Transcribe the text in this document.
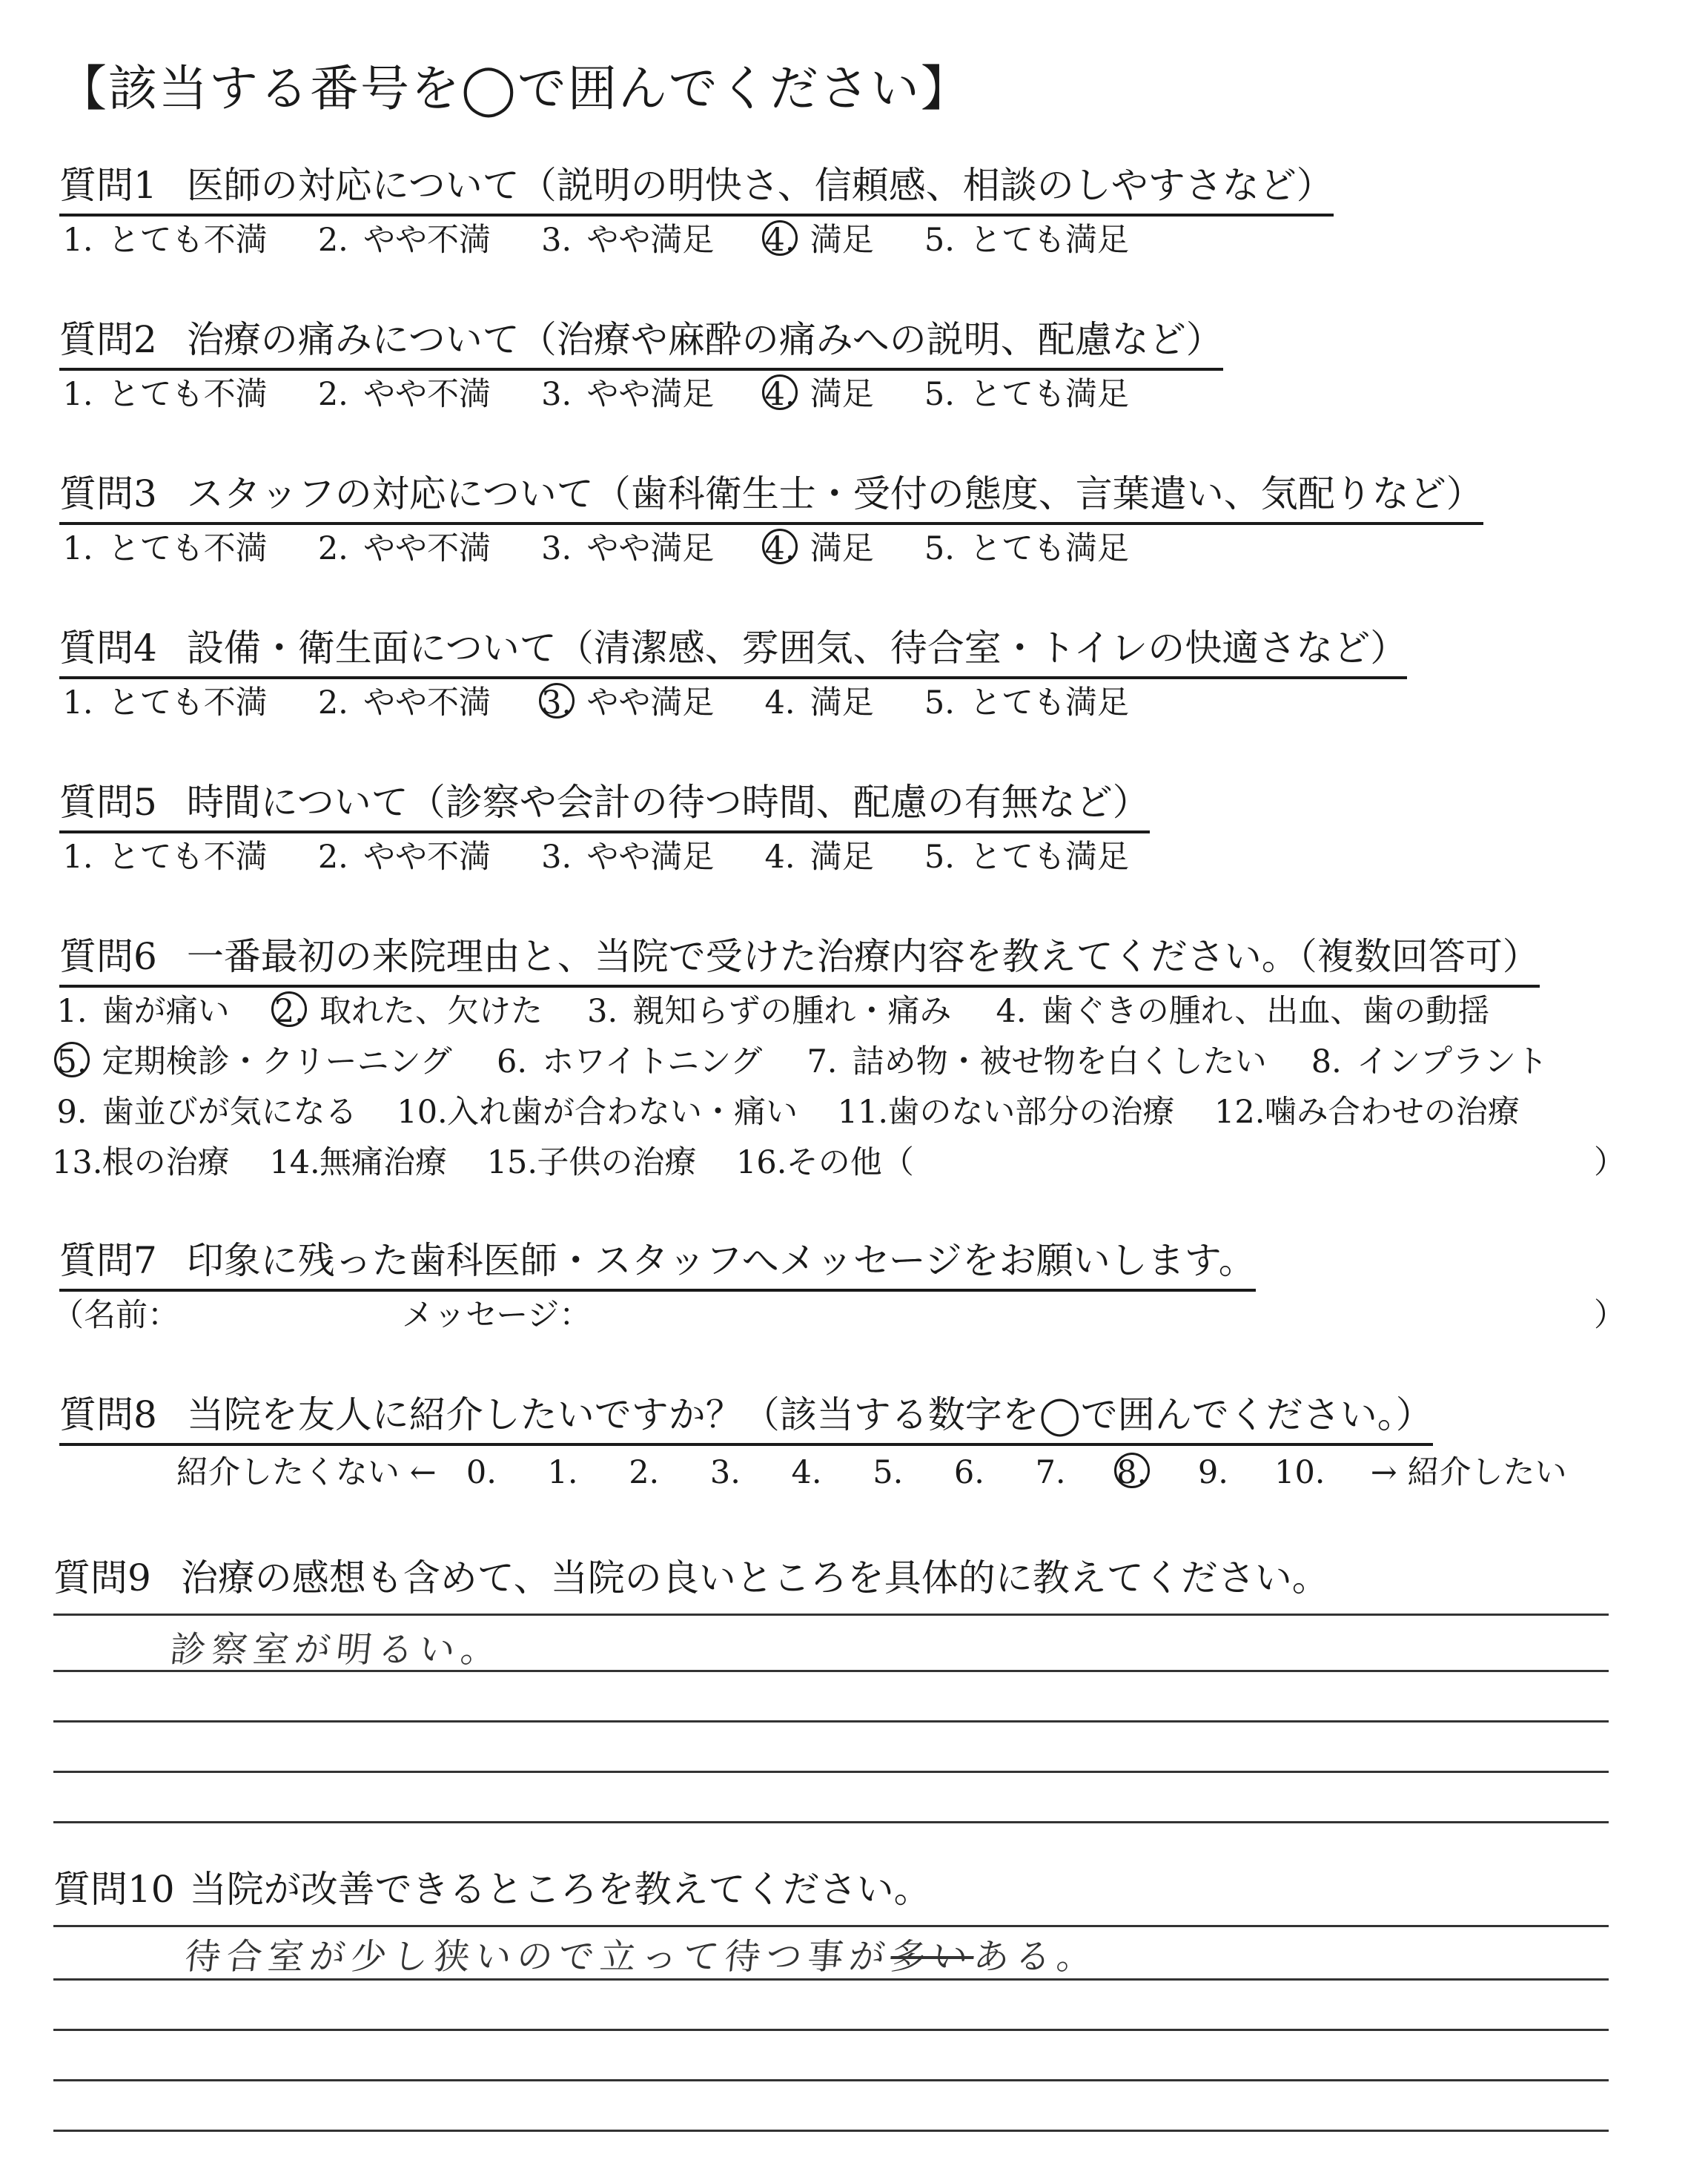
【該当する番号を◯で囲んでください】
質問1 医師の対応について（説明の明快さ、信頼感、相談のしやすさなど）
1. とても不満 2. やや不満 3. やや満足 4. 満足 5. とても満足
質問2 治療の痛みについて（治療や麻酔の痛みへの説明、配慮など）
1. とても不満 2. やや不満 3. やや満足 4. 満足 5. とても満足
質問3 スタッフの対応について（歯科衛生士・受付の態度、言葉遣い、気配りなど）
1. とても不満 2. やや不満 3. やや満足 4. 満足 5. とても満足
質問4 設備・衛生面について（清潔感、雰囲気、待合室・トイレの快適さなど）
1. とても不満 2. やや不満 3. やや満足 4. 満足 5. とても満足
質問5 時間について（診察や会計の待つ時間、配慮の有無など）
1. とても不満 2. やや不満 3. やや満足 4. 満足 5. とても満足
質問6 一番最初の来院理由と、当院で受けた治療内容を教えてください。（複数回答可）
1. 歯が痛い 2. 取れた、欠けた 3. 親知らずの腫れ・痛み 4. 歯ぐきの腫れ、出血、歯の動揺
5. 定期検診・クリーニング 6. ホワイトニング 7. 詰め物・被せ物を白くしたい 8. インプラント
9. 歯並びが気になる 10. 入れ歯が合わない・痛い 11. 歯のない部分の治療 12. 噛み合わせの治療
13. 根の治療 14. 無痛治療 15. 子供の治療 16. その他（	）
質問7 印象に残った歯科医師・スタッフへメッセージをお願いします。
（名前：	メッセージ：	）
質問8 当院を友人に紹介したいですか？（該当する数字を◯で囲んでください。）
紹介したくない ← 0. 1. 2. 3. 4. 5. 6. 7. 8. 9. 10. → 紹介したい
質問9 治療の感想も含めて、当院の良いところを具体的に教えてください。
診察室が明るい。
質問10 当院が改善できるところを教えてください。
待合室が少し狭いので立って待つ事が多いある。
